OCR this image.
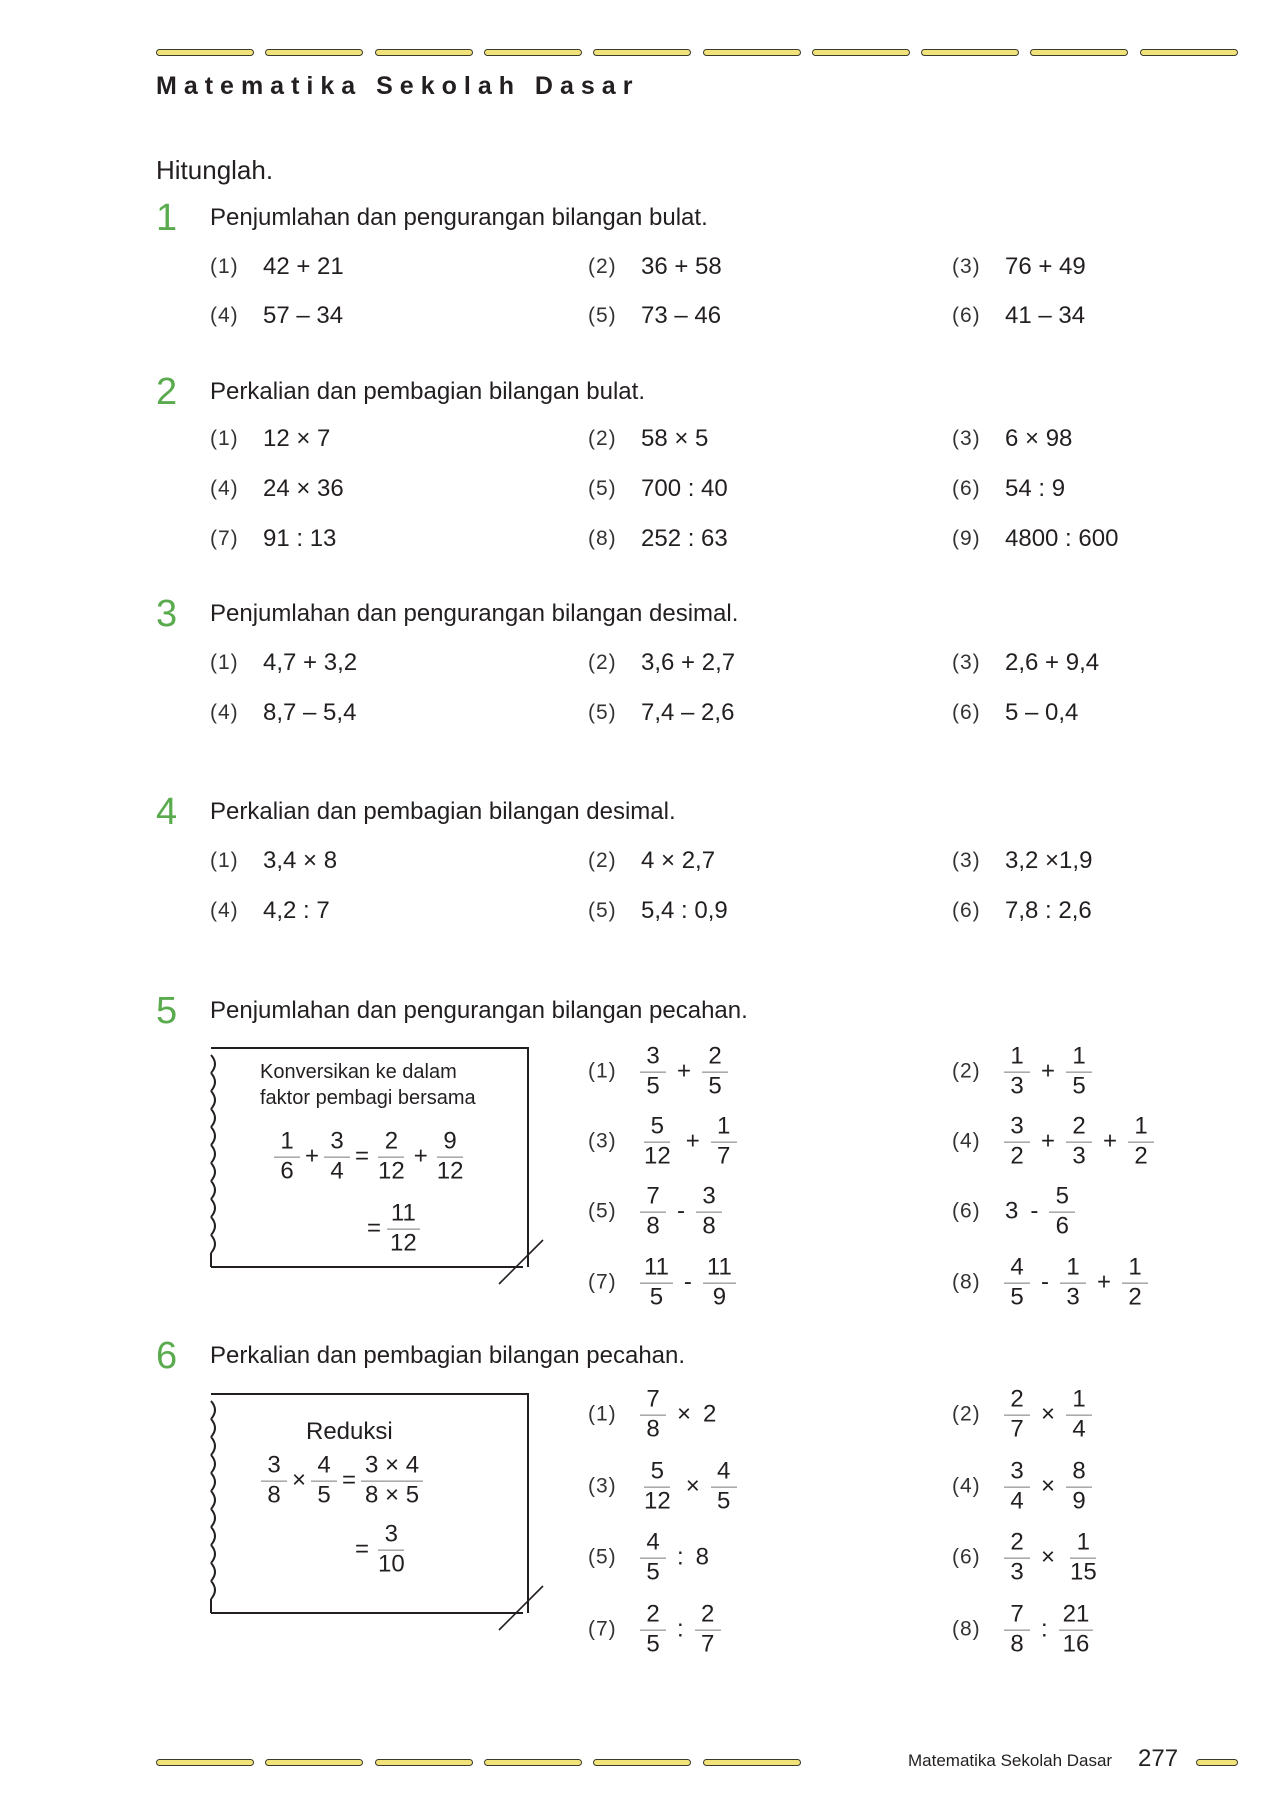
Matematika Sekolah Dasar
Hitunglah.
1 Penjumlahan dan pengurangan bilangan bulat.
(1)	42 + 21	(2)	36 + 58	(3)	76 + 49
(4)	57 – 34	(5)	73 – 46	(6)	41 – 34
2 Perkalian dan pembagian bilangan bulat.
(1)	12 × 7	(2)	58 × 5	(3)	6 × 98
(4)	24 × 36	(5)	700 : 40	(6)	54 : 9
(7)	91 : 13	(8)	252 : 63	(9)	4800 : 600
3 Penjumlahan dan pengurangan bilangan desimal.
(1)	4,7 + 3,2	(2)	3,6 + 2,7	(3)	2,6 + 9,4
(4)	8,7 – 5,4	(5)	7,4 – 2,6	(6)	5 – 0,4
4 Perkalian dan pembagian bilangan desimal.
(1)	3,4 × 8	(2)	4 × 2,7	(3)	3,2 ×1,9
(4)	4,2 : 7	(5)	5,4 : 0,9	(6)	7,8 : 2,6
5 Penjumlahan dan pengurangan bilangan pecahan.
$(1) \frac{3}{5} + \frac{2}{5}$	$(2) \frac{1}{3} + \frac{1}{5}$
$(3) \frac{5}{12} + \frac{1}{7}$	$(4) \frac{3}{2} + \frac{2}{3} + \frac{1}{2}$
$(5) \frac{7}{8} - \frac{3}{8}$	(6)	$3 - \frac{5}{6}$
$(7) \frac{11}{5} - \frac{11}{9}$	$(8) \frac{4}{5} - \frac{1}{3} + \frac{1}{2}$
Konversikan ke dalam
faktor pembagi bersama
$\frac{1}{6} + \frac{3}{4} = \frac{2}{12} + \frac{9}{12}$
= $\frac{11}{12}$
6 Perkalian dan pembagian bilangan pecahan.
$(1) \frac{7}{8} \times 2$	$(2) \frac{2}{7} \times \frac{1}{4}$
$(3) \frac{5}{12} \times \frac{4}{5}$	$(4) \frac{3}{4} \times \frac{8}{9}$
$(5) \frac{4}{5}$ : 8	$(6) \frac{2}{3} \times \frac{1}{15}$
$(7) \frac{2}{5}$ : $\frac{2}{7}$	$(8) \frac{7}{8}$ : $\frac{21}{16}$
Reduksi
$\frac{3}{8} \times \frac{4}{5} = \frac{3 \times 4}{8 \times 5}$
= $\frac{3}{10}$
Matematika Sekolah Dasar 277
